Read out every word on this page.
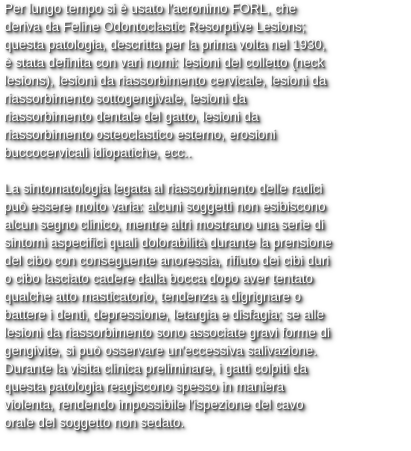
Per lungo tempo si è usato l'acronimo FORL, che
deriva da Feline Odontoclastic Resorptive Lesions;
questa patologia, descritta per la prima volta nel 1930,
è stata definita con vari nomi: lesioni del colletto (neck
lesions), lesioni da riassorbimento cervicale, lesioni da
riassorbimento sottogengivale, lesioni da
riassorbimento dentale del gatto, lesioni da
riassorbimento osteoclastico esterno, erosioni
buccocervicali idiopatiche, ecc..

La sintomatologia legata al riassorbimento delle radici
può essere molto varia: alcuni soggetti non esibiscono
alcun segno clinico, mentre altri mostrano una serie di
sintomi aspecifici quali dolorabilità durante la prensione
del cibo con conseguente anoressia, rifiuto dei cibi duri
o cibo lasciato cadere dalla bocca dopo aver tentato
qualche atto masticatorio, tendenza a digrignare o
battere i denti, depressione, letargia e disfagia; se alle
lesioni da riassorbimento sono associate gravi forme di
gengivite, si può osservare un'eccessiva salivazione.
Durante la visita clinica preliminare, i gatti colpiti da
questa patologia reagiscono spesso in maniera
violenta, rendendo impossibile l'ispezione del cavo
orale del soggetto non sedato.
